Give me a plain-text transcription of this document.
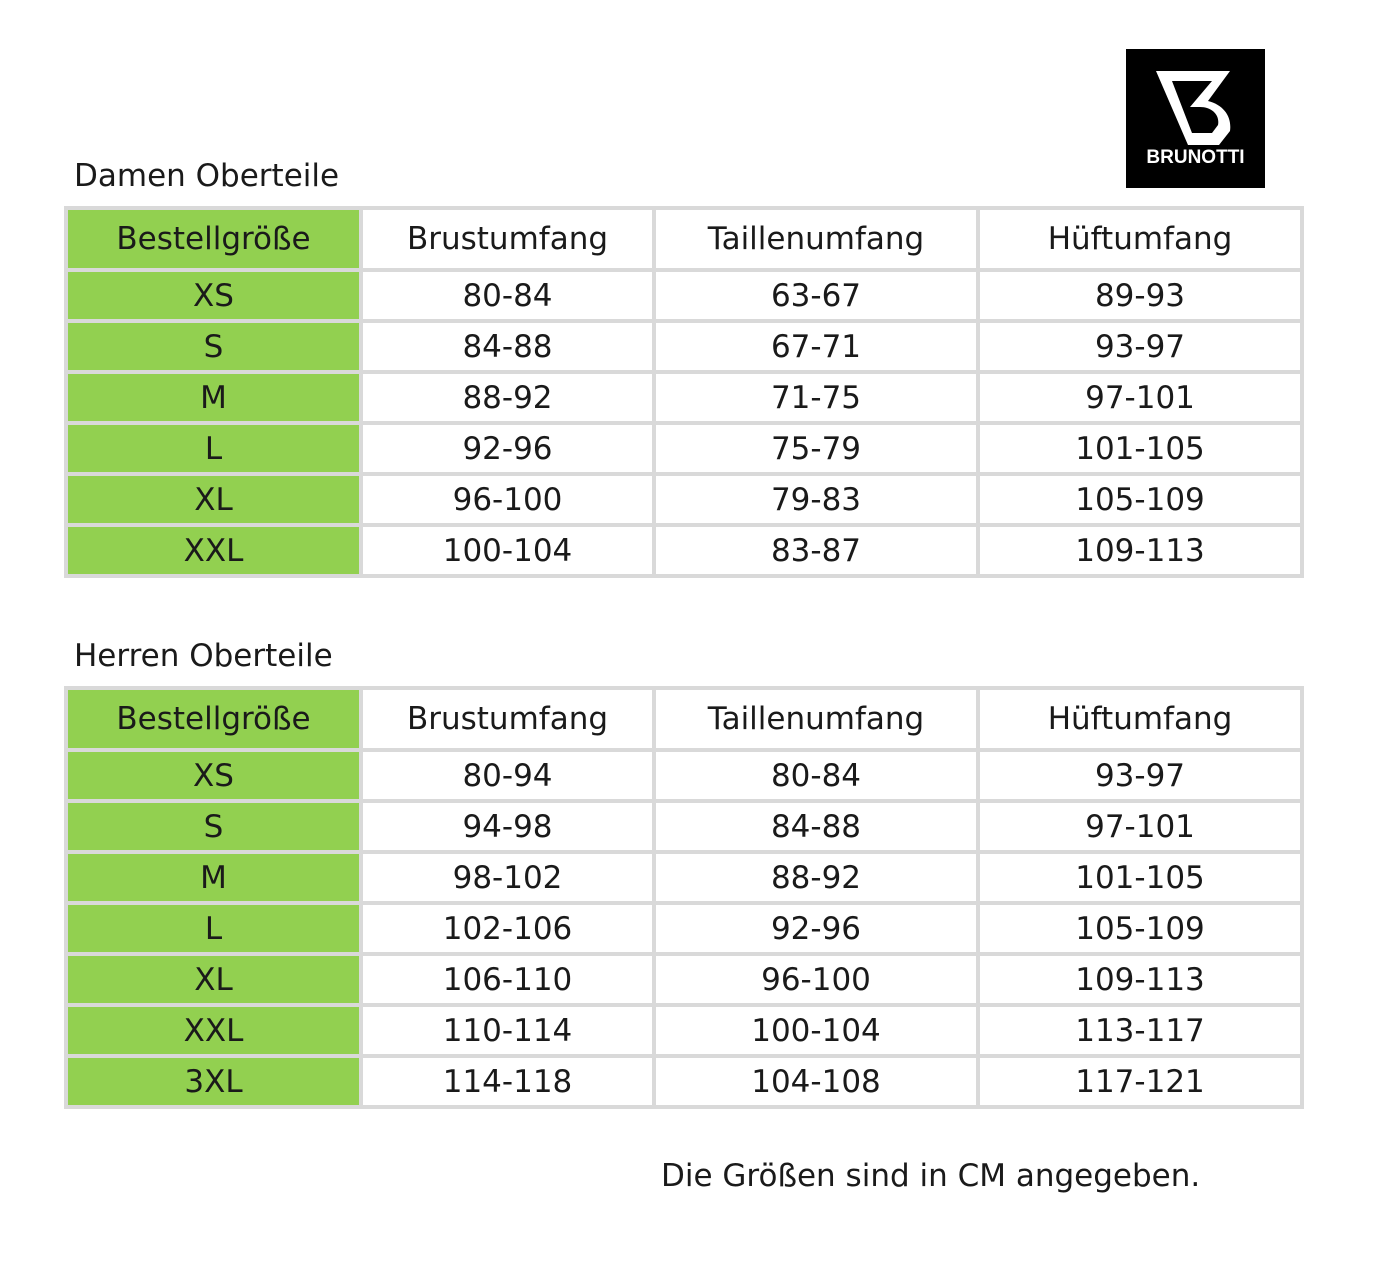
BRUNOTTI
Damen Oberteile
Bestellgröße	Brustumfang	Taillenumfang	Hüftumfang
XS	80-84	63-67	89-93
S	84-88	67-71	93-97
M	88-92	71-75	97-101
L	92-96	75-79	101-105
XL	96-100	79-83	105-109
XXL	100-104	83-87	109-113
Herren Oberteile
Bestellgröße	Brustumfang	Taillenumfang	Hüftumfang
XS	80-94	80-84	93-97
S	94-98	84-88	97-101
M	98-102	88-92	101-105
L	102-106	92-96	105-109
XL	106-110	96-100	109-113
XXL	110-114	100-104	113-117
3XL	114-118	104-108	117-121
Die Größen sind in CM angegeben.
